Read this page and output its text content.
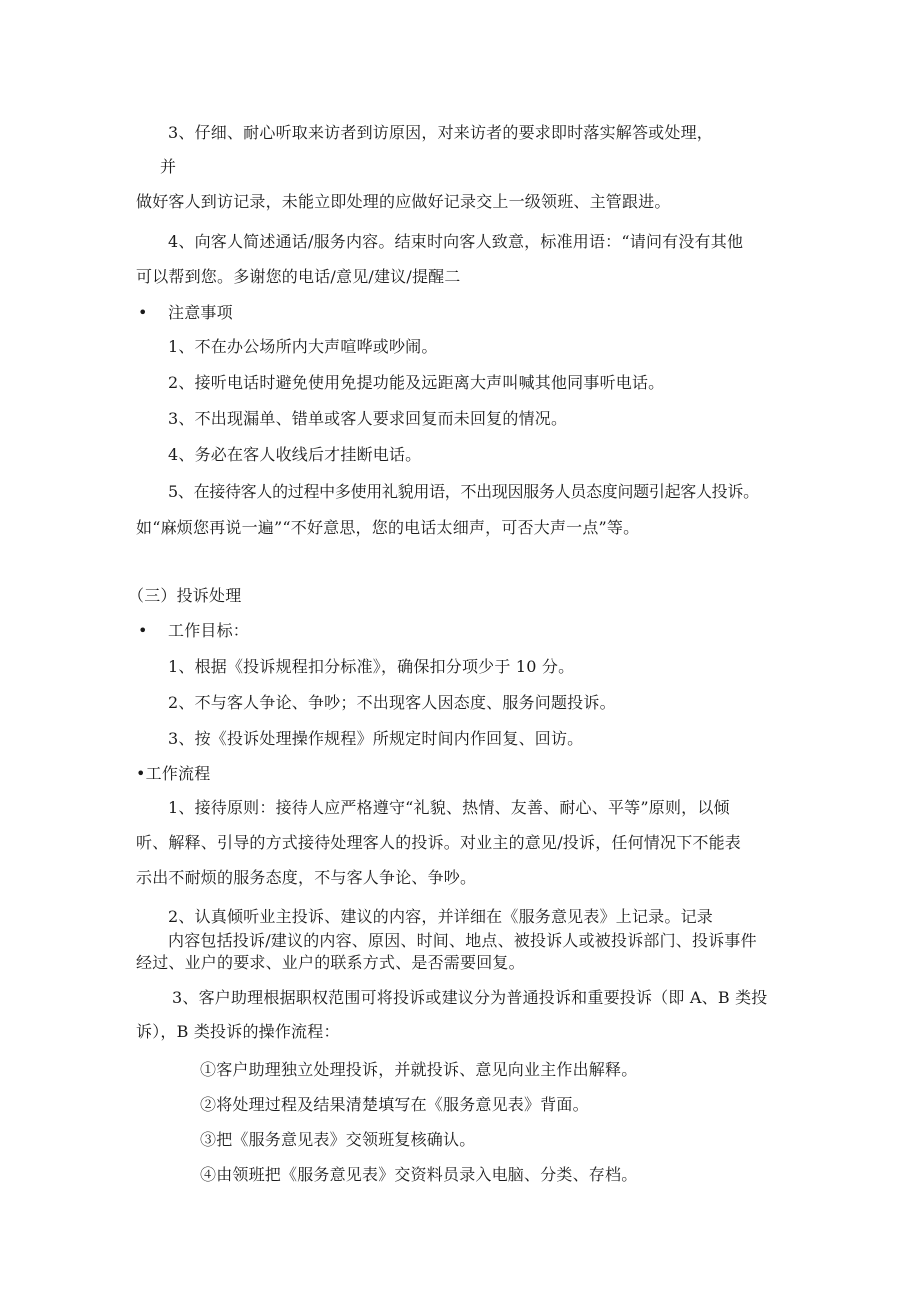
3、仔细、耐心听取来访者到访原因，对来访者的要求即时落实解答或处理，

并

做好客人到访记录，未能立即处理的应做好记录交上一级领班、主管跟进。

4、向客人简述通话/服务内容。结束时向客人致意，标准用语：“请问有没有其他

可以帮到您。多谢您的电话/意见/建议/提醒二

• 注意事项

1、不在办公场所内大声喧哗或吵闹。

2、接听电话时避免使用免提功能及远距离大声叫喊其他同事听电话。

3、不出现漏单、错单或客人要求回复而未回复的情况。

4、务必在客人收线后才挂断电话。

5、在接待客人的过程中多使用礼貌用语，不出现因服务人员态度问题引起客人投诉。

如“麻烦您再说一遍”“不好意思，您的电话太细声，可否大声一点”等。

（三）投诉处理

• 工作目标：

1、根据《投诉规程扣分标准》，确保扣分项少于 10 分。

2、不与客人争论、争吵；不出现客人因态度、服务问题投诉。

3、按《投诉处理操作规程》所规定时间内作回复、回访。

•工作流程

1、接待原则：接待人应严格遵守“礼貌、热情、友善、耐心、平等”原则，以倾

听、解释、引导的方式接待处理客人的投诉。对业主的意见/投诉，任何情况下不能表

示出不耐烦的服务态度，不与客人争论、争吵。

2、认真倾听业主投诉、建议的内容，并详细在《服务意见表》上记录。记录

内容包括投诉/建议的内容、原因、时间、地点、被投诉人或被投诉部门、投诉事件

经过、业户的要求、业户的联系方式、是否需要回复。

3、客户助理根据职权范围可将投诉或建议分为普通投诉和重要投诉（即 A、B 类投

诉），B 类投诉的操作流程：

①客户助理独立处理投诉，并就投诉、意见向业主作出解释。

②将处理过程及结果清楚填写在《服务意见表》背面。

③把《服务意见表》交领班复核确认。

④由领班把《服务意见表》交资料员录入电脑、分类、存档。
